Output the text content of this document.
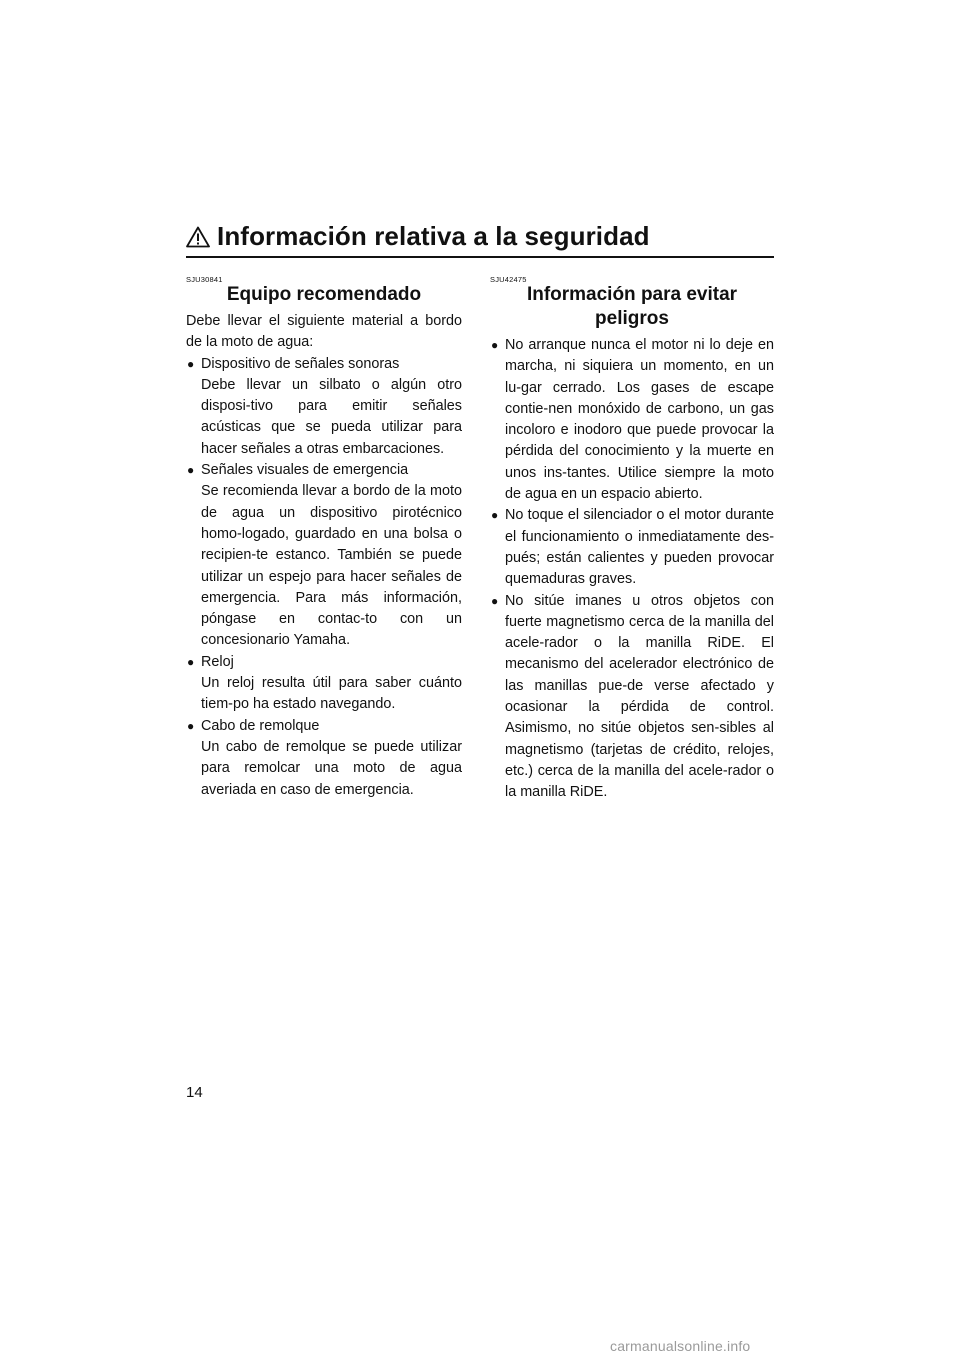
Información relativa a la seguridad
SJU30841
Equipo recomendado

Debe llevar el siguiente material a bordo de la moto de agua:

● Dispositivo de señales sonoras
Debe llevar un silbato o algún otro disposi-tivo para emitir señales acústicas que se pueda utilizar para hacer señales a otras embarcaciones.
● Señales visuales de emergencia
Se recomienda llevar a bordo de la moto de agua un dispositivo pirotécnico homo-logado, guardado en una bolsa o recipien-te estanco. También se puede utilizar un espejo para hacer señales de emergencia. Para más información, póngase en contac-to con un concesionario Yamaha.
● Reloj
Un reloj resulta útil para saber cuánto tiem-po ha estado navegando.
● Cabo de remolque
Un cabo de remolque se puede utilizar para remolcar una moto de agua averiada en caso de emergencia.
SJU42475
Información para evitar
peligros
● No arranque nunca el motor ni lo deje en marcha, ni siquiera un momento, en un lu-gar cerrado. Los gases de escape contie-nen monóxido de carbono, un gas incoloro e inodoro que puede provocar la pérdida del conocimiento y la muerte en unos ins-tantes. Utilice siempre la moto de agua en un espacio abierto.
● No toque el silenciador o el motor durante el funcionamiento o inmediatamente des-pués; están calientes y pueden provocar quemaduras graves.
● No sitúe imanes u otros objetos con fuerte magnetismo cerca de la manilla del acele-rador o la manilla RiDE. El mecanismo del acelerador electrónico de las manillas pue-de verse afectado y ocasionar la pérdida de control. Asimismo, no sitúe objetos sen-sibles al magnetismo (tarjetas de crédito, relojes, etc.) cerca de la manilla del acele-rador o la manilla RiDE.
14
carmanualsonline.info
